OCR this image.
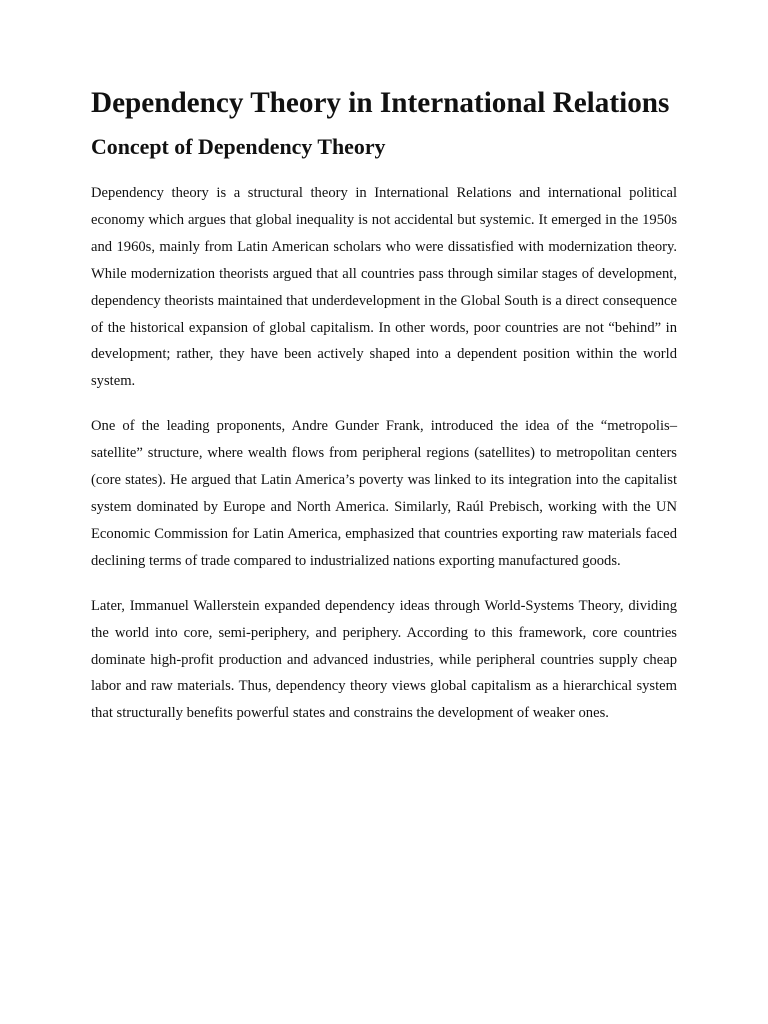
Dependency Theory in International Relations
Concept of Dependency Theory

Dependency theory is a structural theory in International Relations and international political economy which argues that global inequality is not accidental but systemic. It emerged in the 1950s and 1960s, mainly from Latin American scholars who were dissatisfied with modernization theory. While modernization theorists argued that all countries pass through similar stages of development, dependency theorists maintained that underdevelopment in the Global South is a direct consequence of the historical expansion of global capitalism. In other words, poor countries are not “behind” in development; rather, they have been actively shaped into a dependent position within the world system.

One of the leading proponents, Andre Gunder Frank, introduced the idea of the “metropolis–satellite” structure, where wealth flows from peripheral regions (satellites) to metropolitan centers (core states). He argued that Latin America’s poverty was linked to its integration into the capitalist system dominated by Europe and North America. Similarly, Raúl Prebisch, working with the UN Economic Commission for Latin America, emphasized that countries exporting raw materials faced declining terms of trade compared to industrialized nations exporting manufactured goods.

Later, Immanuel Wallerstein expanded dependency ideas through World-Systems Theory, dividing the world into core, semi-periphery, and periphery. According to this framework, core countries dominate high-profit production and advanced industries, while peripheral countries supply cheap labor and raw materials. Thus, dependency theory views global capitalism as a hierarchical system that structurally benefits powerful states and constrains the development of weaker ones.
